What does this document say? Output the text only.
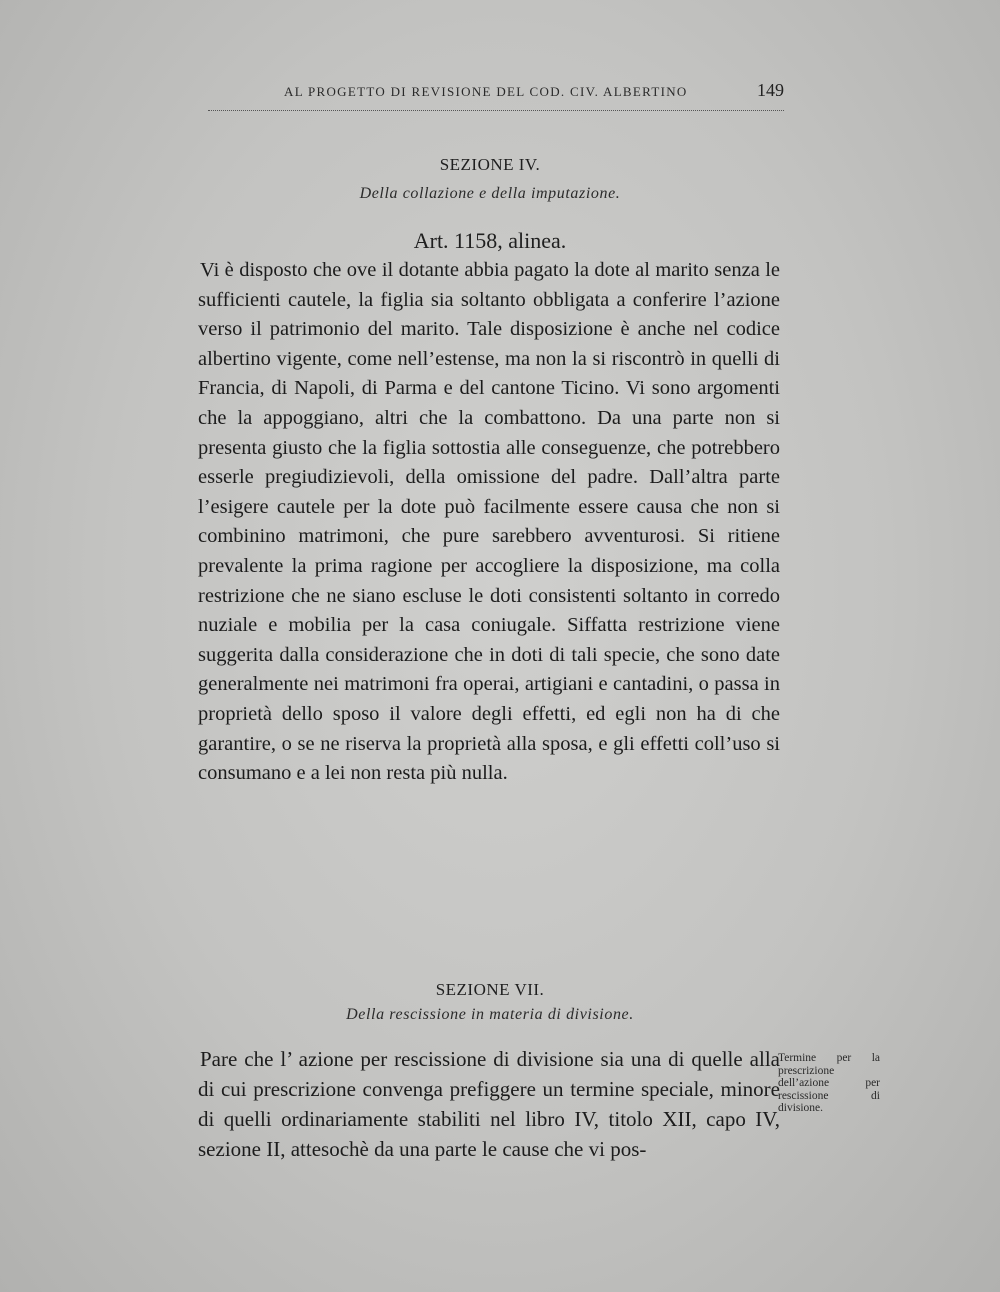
AL PROGETTO DI REVISIONE DEL COD. CIV. ALBERTINO	149
SEZIONE IV.
Della collazione e della imputazione.
Art. 1158, alinea.

Vi è disposto che ove il dotante abbia pagato la dote al marito senza le sufficienti cautele, la figlia sia soltanto obbligata a conferire l’azione verso il patrimonio del marito. Tale disposizione è anche nel codice albertino vigente, come nell’estense, ma non la si riscontrò in quelli di Francia, di Napoli, di Parma e del cantone Ticino. Vi sono argomenti che la appoggiano, altri che la combattono. Da una parte non si presenta giusto che la figlia sottostia alle conseguenze, che potrebbero esserle pregiudizievoli, della omissione del padre. Dall’altra parte l’esigere cautele per la dote può facilmente essere causa che non si combinino matrimoni, che pure sarebbero avventurosi. Si ritiene prevalente la prima ragione per accogliere la disposizione, ma colla restrizione che ne siano escluse le doti consistenti soltanto in corredo nuziale e mobilia per la casa coniugale. Siffatta restrizione viene suggerita dalla considerazione che in doti di tali specie, che sono date generalmente nei matrimoni fra operai, artigiani e cantadini, o passa in proprietà dello sposo il valore degli effetti, ed egli non ha di che garantire, o se ne riserva la proprietà alla sposa, e gli effetti coll’uso si consumano e a lei non resta più nulla.

SEZIONE VII.
Della rescissione in materia di divisione.

Pare che l’ azione per rescissione di divisione sia una di quelle alla di cui prescrizione convenga prefiggere un termine speciale, minore di quelli ordinariamente stabiliti nel libro IV, titolo XII, capo IV, sezione II, attesochè da una parte le cause che vi pos-

Termine per la prescrizione dell’azione per rescissione di divisione.
